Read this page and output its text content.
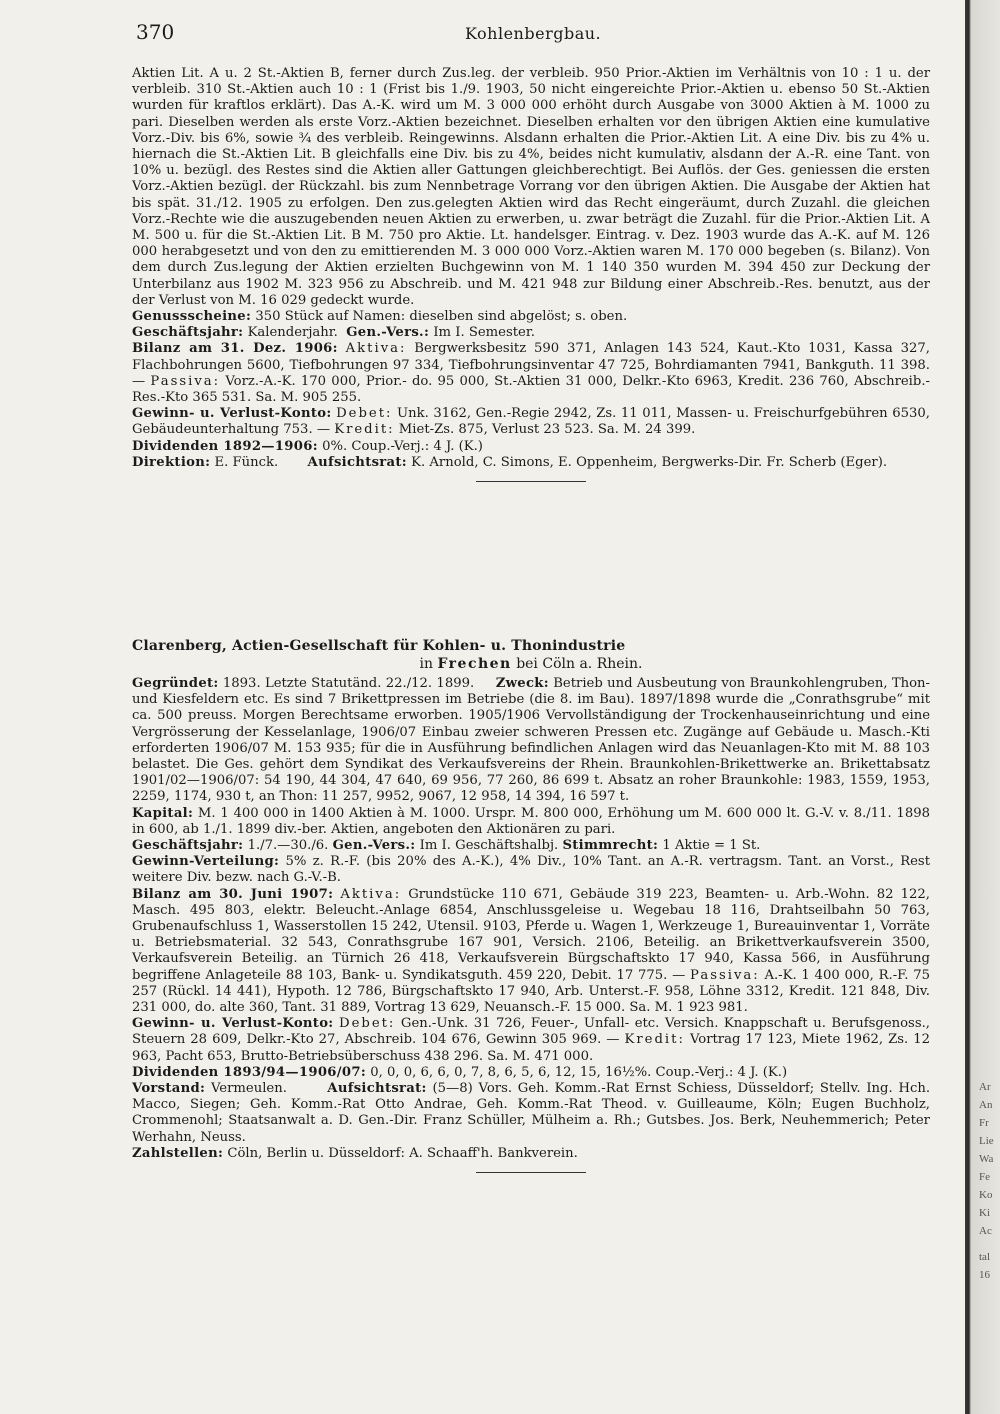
370	Kohlenbergbau.

Aktien Lit. A u. 2 St.-Aktien B, ferner durch Zus.leg. der verbleib. 950 Prior.-Aktien im Verhältnis von 10 : 1 u. der verbleib. 310 St.-Aktien auch 10 : 1 (Frist bis 1./9. 1903, 50 nicht eingereichte Prior.-Aktien u. ebenso 50 St.-Aktien wurden für kraftlos erklärt). Das A.-K. wird um M. 3 000 000 erhöht durch Ausgabe von 3000 Aktien à M. 1000 zu pari. Dieselben werden als erste Vorz.-Aktien bezeichnet. Dieselben erhalten vor den übrigen Aktien eine kumulative Vorz.-Div. bis 6%, sowie ¾ des verbleib. Reingewinns. Alsdann erhalten die Prior.-Aktien Lit. A eine Div. bis zu 4% u. hiernach die St.-Aktien Lit. B gleichfalls eine Div. bis zu 4%, beides nicht kumulativ, alsdann der A.-R. eine Tant. von 10% u. bezügl. des Restes sind die Aktien aller Gattungen gleichberechtigt. Bei Auflös. der Ges. geniessen die ersten Vorz.-Aktien bezügl. der Rückzahl. bis zum Nennbetrage Vorrang vor den übrigen Aktien. Die Ausgabe der Aktien hat bis spät. 31./12. 1905 zu erfolgen. Den zus.gelegten Aktien wird das Recht eingeräumt, durch Zuzahl. die gleichen Vorz.-Rechte wie die auszugebenden neuen Aktien zu erwerben, u. zwar beträgt die Zuzahl. für die Prior.-Aktien Lit. A M. 500 u. für die St.-Aktien Lit. B M. 750 pro Aktie. Lt. handelsger. Eintrag. v. Dez. 1903 wurde das A.-K. auf M. 126 000 herabgesetzt und von den zu emittierenden M. 3 000 000 Vorz.-Aktien waren M. 170 000 begeben (s. Bilanz). Von dem durch Zus.legung der Aktien erzielten Buchgewinn von M. 1 140 350 wurden M. 394 450 zur Deckung der Unterbilanz aus 1902 M. 323 956 zu Abschreib. und M. 421 948 zur Bildung einer Abschreib.-Res. benutzt, aus der der Verlust von M. 16 029 gedeckt wurde.

Genussscheine: 350 Stück auf Namen: dieselben sind abgelöst; s. oben.

Geschäftsjahr: Kalenderjahr. Gen.-Vers.: Im I. Semester.

Bilanz am 31. Dez. 1906: Aktiva: Bergwerksbesitz 590 371, Anlagen 143 524, Kaut.-Kto 1031, Kassa 327, Flachbohrungen 5600, Tiefbohrungen 97 334, Tiefbohrungsinventar 47 725, Bohrdiamanten 7941, Bankguth. 11 398. — Passiva: Vorz.-A.-K. 170 000, Prior.- do. 95 000, St.-Aktien 31 000, Delkr.-Kto 6963, Kredit. 236 760, Abschreib.-Res.-Kto 365 531. Sa. M. 905 255.

Gewinn- u. Verlust-Konto: Debet: Unk. 3162, Gen.-Regie 2942, Zs. 11 011, Massen- u. Freischurfgebühren 6530, Gebäudeunterhaltung 753. — Kredit: Miet-Zs. 875, Verlust 23 523. Sa. M. 24 399.

Dividenden 1892—1906: 0%. Coup.-Verj.: 4 J. (K.)

Direktion: E. Fünck. Aufsichtsrat: K. Arnold, C. Simons, E. Oppenheim, Bergwerks-Dir. Fr. Scherb (Eger).

Clarenberg, Actien-Gesellschaft für Kohlen- u. Thonindustrie
in Frechen bei Cöln a. Rhein.

Gegründet: 1893. Letzte Statutänd. 22./12. 1899. Zweck: Betrieb und Ausbeutung von Braunkohlengruben, Thon- und Kiesfeldern etc. Es sind 7 Brikettpressen im Betriebe (die 8. im Bau). 1897/1898 wurde die „Conrathsgrube“ mit ca. 500 preuss. Morgen Berechtsame erworben. 1905/1906 Vervollständigung der Trockenhauseinrichtung und eine Vergrösserung der Kesselanlage, 1906/07 Einbau zweier schweren Pressen etc. Zugänge auf Gebäude u. Masch.-Kti erforderten 1906/07 M. 153 935; für die in Ausführung befindlichen Anlagen wird das Neuanlagen-Kto mit M. 88 103 belastet. Die Ges. gehört dem Syndikat des Verkaufsvereins der Rhein. Braunkohlen-Brikettwerke an. Brikettabsatz 1901/02—1906/07: 54 190, 44 304, 47 640, 69 956, 77 260, 86 699 t. Absatz an roher Braunkohle: 1983, 1559, 1953, 2259, 1174, 930 t, an Thon: 11 257, 9952, 9067, 12 958, 14 394, 16 597 t.

Kapital: M. 1 400 000 in 1400 Aktien à M. 1000. Urspr. M. 800 000, Erhöhung um M. 600 000 lt. G.-V. v. 8./11. 1898 in 600, ab 1./1. 1899 div.-ber. Aktien, angeboten den Aktionären zu pari.

Geschäftsjahr: 1./7.—30./6. Gen.-Vers.: Im I. Geschäftshalbj. Stimmrecht: 1 Aktie = 1 St.

Gewinn-Verteilung: 5% z. R.-F. (bis 20% des A.-K.), 4% Div., 10% Tant. an A.-R. vertragsm. Tant. an Vorst., Rest weitere Div. bezw. nach G.-V.-B.

Bilanz am 30. Juni 1907: Aktiva: Grundstücke 110 671, Gebäude 319 223, Beamten- u. Arb.-Wohn. 82 122, Masch. 495 803, elektr. Beleucht.-Anlage 6854, Anschlussgeleise u. Wegebau 18 116, Drahtseilbahn 50 763, Grubenaufschluss 1, Wasserstollen 15 242, Utensil. 9103, Pferde u. Wagen 1, Werkzeuge 1, Bureauinventar 1, Vorräte u. Betriebsmaterial. 32 543, Conrathsgrube 167 901, Versich. 2106, Beteilig. an Brikettverkaufsverein 3500, Verkaufsverein Beteilig. an Türnich 26 418, Verkaufsverein Bürgschaftskto 17 940, Kassa 566, in Ausführung begriffene Anlageteile 88 103, Bank- u. Syndikatsguth. 459 220, Debit. 17 775. — Passiva: A.-K. 1 400 000, R.-F. 75 257 (Rückl. 14 441), Hypoth. 12 786, Bürgschaftskto 17 940, Arb. Unterst.-F. 958, Löhne 3312, Kredit. 121 848, Div. 231 000, do. alte 360, Tant. 31 889, Vortrag 13 629, Neuansch.-F. 15 000. Sa. M. 1 923 981.

Gewinn- u. Verlust-Konto: Debet: Gen.-Unk. 31 726, Feuer-, Unfall- etc. Versich. Knappschaft u. Berufsgenoss., Steuern 28 609, Delkr.-Kto 27, Abschreib. 104 676, Gewinn 305 969. — Kredit: Vortrag 17 123, Miete 1962, Zs. 12 963, Pacht 653, Brutto-Betriebsüberschuss 438 296. Sa. M. 471 000.

Dividenden 1893/94—1906/07: 0, 0, 0, 6, 6, 0, 7, 8, 6, 5, 6, 12, 15, 16½%. Coup.-Verj.: 4 J. (K.)

Vorstand: Vermeulen.	Aufsichtsrat: (5—8) Vors. Geh. Komm.-Rat Ernst Schiess, Düsseldorf; Stellv. Ing. Hch. Macco, Siegen; Geh. Komm.-Rat Otto Andrae, Geh. Komm.-Rat Theod. v. Guilleaume, Köln; Eugen Buchholz, Crommenohl; Staatsanwalt a. D. Gen.-Dir. Franz Schüller, Mülheim a. Rh.; Gutsbes. Jos. Berk, Neuhemmerich; Peter Werhahn, Neuss.

Zahlstellen: Cöln, Berlin u. Düsseldorf: A. Schaaff'h. Bankverein.

Ar
An
Fr
Lie
Wa
Fe
Ko
Ki
Ac
tal
16
